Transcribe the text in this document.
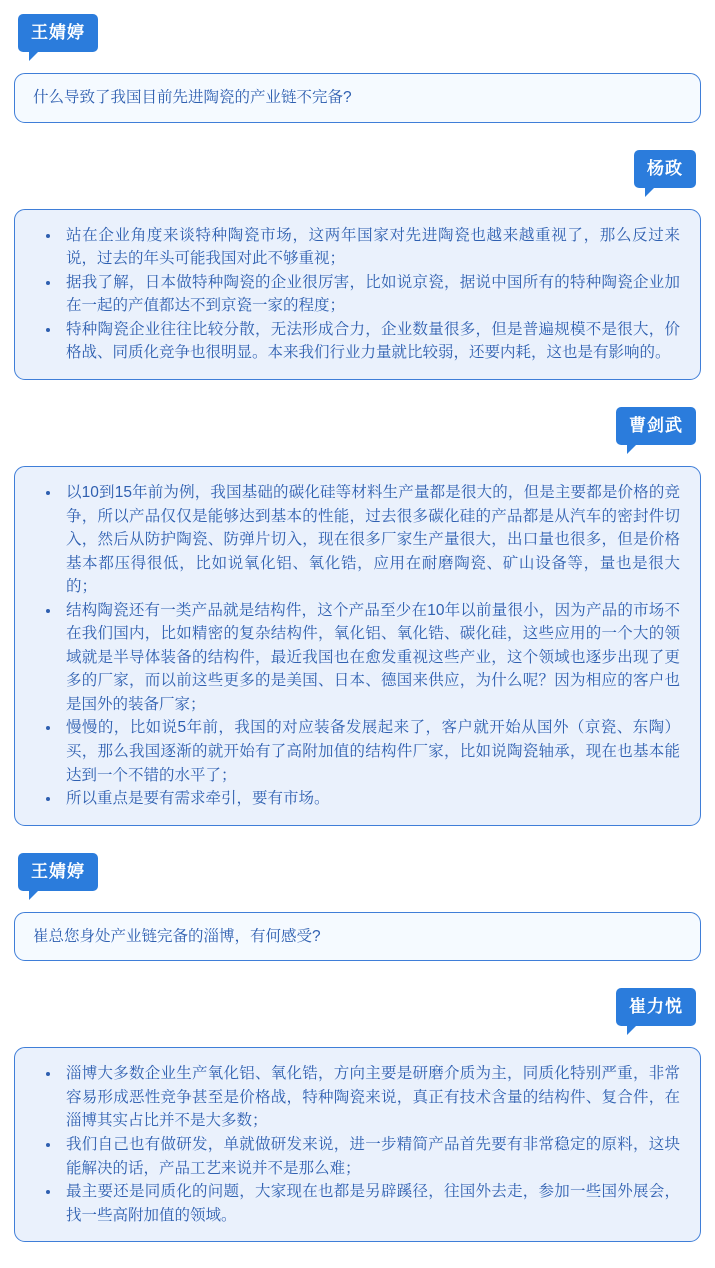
王婧婷

什么导致了我国目前先进陶瓷的产业链不完备?

杨政
• 站在企业角度来谈特种陶瓷市场，这两年国家对先进陶瓷也越来越重视了，那么反过来说，过去的年头可能我国对此不够重视；
• 据我了解，日本做特种陶瓷的企业很厉害，比如说京瓷，据说中国所有的特种陶瓷企业加在一起的产值都达不到京瓷一家的程度；
• 特种陶瓷企业往往比较分散，无法形成合力，企业数量很多，但是普遍规模不是很大，价格战、同质化竞争也很明显。本来我们行业力量就比较弱，还要内耗，这也是有影响的。
曹剑武
• 以10到15年前为例，我国基础的碳化硅等材料生产量都是很大的，但是主要都是价格的竞争，所以产品仅仅是能够达到基本的性能，过去很多碳化硅的产品都是从汽车的密封件切入，然后从防护陶瓷、防弹片切入，现在很多厂家生产量很大，出口量也很多，但是价格基本都压得很低，比如说氧化铝、氧化锆，应用在耐磨陶瓷、矿山设备等，量也是很大的；
• 结构陶瓷还有一类产品就是结构件，这个产品至少在10年以前量很小，因为产品的市场不在我们国内，比如精密的复杂结构件，氧化铝、氧化锆、碳化硅，这些应用的一个大的领域就是半导体装备的结构件，最近我国也在愈发重视这些产业，这个领域也逐步出现了更多的厂家，而以前这些更多的是美国、日本、德国来供应，为什么呢？因为相应的客户也是国外的装备厂家；
• 慢慢的，比如说5年前，我国的对应装备发展起来了，客户就开始从国外（京瓷、东陶）买，那么我国逐渐的就开始有了高附加值的结构件厂家，比如说陶瓷轴承，现在也基本能达到一个不错的水平了；
• 所以重点是要有需求牵引，要有市场。
王婧婷

崔总您身处产业链完备的淄博，有何感受?

崔力悦
• 淄博大多数企业生产氧化铝、氧化锆，方向主要是研磨介质为主，同质化特别严重，非常容易形成恶性竞争甚至是价格战，特种陶瓷来说，真正有技术含量的结构件、复合件，在淄博其实占比并不是大多数；
• 我们自己也有做研发，单就做研发来说，进一步精简产品首先要有非常稳定的原料，这块能解决的话，产品工艺来说并不是那么难；
• 最主要还是同质化的问题，大家现在也都是另辟蹊径，往国外去走，参加一些国外展会，找一些高附加值的领域。
